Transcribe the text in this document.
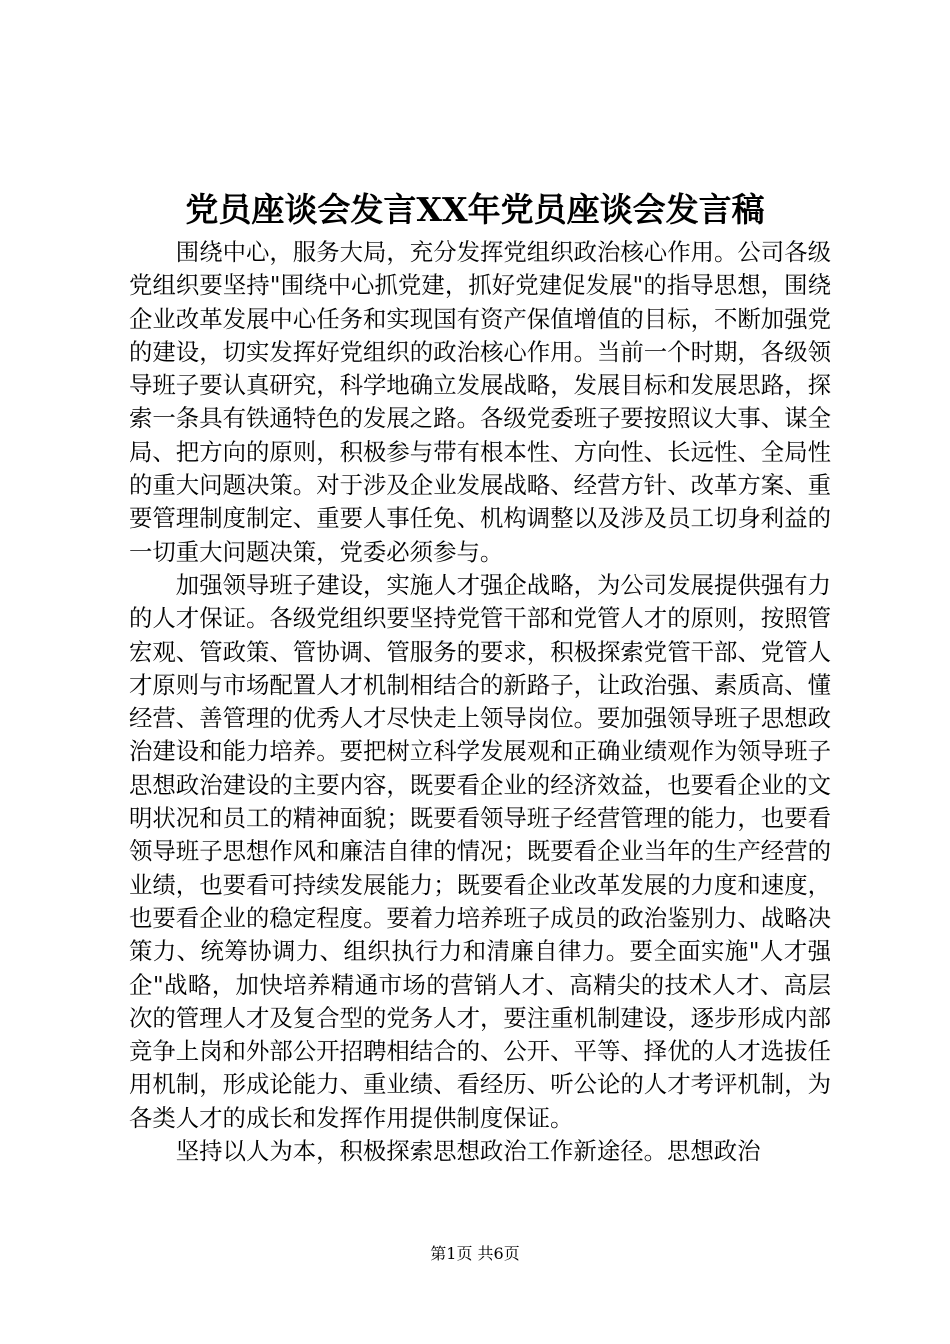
党员座谈会发言XX年党员座谈会发言稿

围绕中心，服务大局，充分发挥党组织政治核心作用。公司各级党组织要坚持"围绕中心抓党建，抓好党建促发展"的指导思想，围绕企业改革发展中心任务和实现国有资产保值增值的目标，不断加强党的建设，切实发挥好党组织的政治核心作用。当前一个时期，各级领导班子要认真研究，科学地确立发展战略，发展目标和发展思路，探索一条具有铁通特色的发展之路。各级党委班子要按照议大事、谋全局、把方向的原则，积极参与带有根本性、方向性、长远性、全局性的重大问题决策。对于涉及企业发展战略、经营方针、改革方案、重要管理制度制定、重要人事任免、机构调整以及涉及员工切身利益的一切重大问题决策，党委必须参与。

加强领导班子建设，实施人才强企战略，为公司发展提供强有力的人才保证。各级党组织要坚持党管干部和党管人才的原则，按照管宏观、管政策、管协调、管服务的要求，积极探索党管干部、党管人才原则与市场配置人才机制相结合的新路子，让政治强、素质高、懂经营、善管理的优秀人才尽快走上领导岗位。要加强领导班子思想政治建设和能力培养。要把树立科学发展观和正确业绩观作为领导班子思想政治建设的主要内容，既要看企业的经济效益，也要看企业的文明状况和员工的精神面貌；既要看领导班子经营管理的能力，也要看领导班子思想作风和廉洁自律的情况；既要看企业当年的生产经营的业绩，也要看可持续发展能力；既要看企业改革发展的力度和速度，也要看企业的稳定程度。要着力培养班子成员的政治鉴别力、战略决策力、统筹协调力、组织执行力和清廉自律力。要全面实施"人才强企"战略，加快培养精通市场的营销人才、高精尖的技术人才、高层次的管理人才及复合型的党务人才，要注重机制建设，逐步形成内部竞争上岗和外部公开招聘相结合的、公开、平等、择优的人才选拔任用机制，形成论能力、重业绩、看经历、听公论的人才考评机制，为各类人才的成长和发挥作用提供制度保证。

坚持以人为本，积极探索思想政治工作新途径。思想政治

第1页 共6页
